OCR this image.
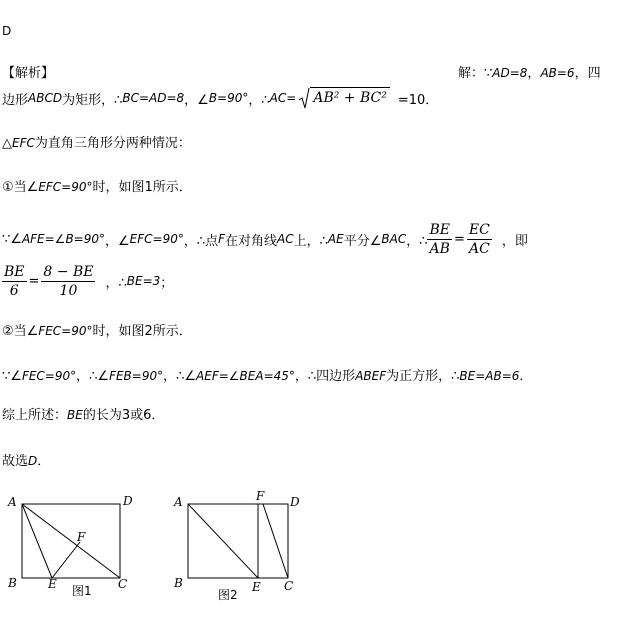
D
【解析】	解：∵AD=8，AB=6，四
边形 ABCD 为矩形，∴ BC=AD=8 ，∠ B=90° ，∴ AC= AB² + BC² =10．
△EFC为直角三角形分两种情况：
①当∠EFC=90°时，如图1所示．
∵∠ AFE=∠B=90° ，∠ EFC=90° ，∴点 F 在对角线 AC 上，∴ AE 平分∠ BAC ，∴ $\frac{BE}{AB} = \frac{EC}{AC}$ ，即
$\frac{BE}{6} = \frac{8 - BE}{10}$ ，∴ BE=3 ；
②当∠FEC=90°时，如图2所示．
∵∠FEC=90°，∴∠FEB=90°，∴∠AEF=∠BEA=45°，∴四边形ABEF为正方形，∴BE=AB=6．
综上所述：BE的长为3或6．
故选D．
A	D
B	C
E
F
图1
A	F D
B	E C
图2
